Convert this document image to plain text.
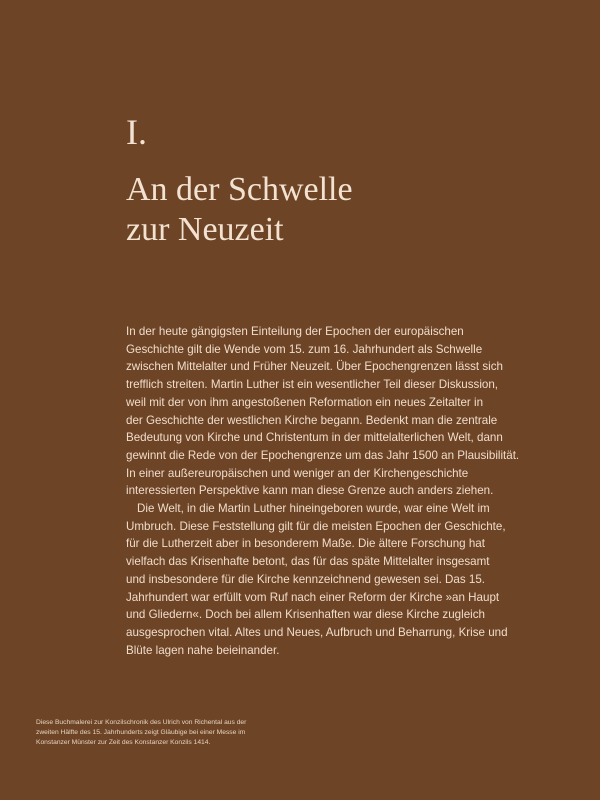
I.
An der Schwelle
zur Neuzeit
In der heute gängigsten Einteilung der Epochen der europäischen
Geschichte gilt die Wende vom 15. zum 16. Jahrhundert als Schwelle
zwischen Mittelalter und Früher Neuzeit. Über Epochengrenzen lässt sich
trefflich streiten. Martin Luther ist ein wesentlicher Teil dieser Diskussion,
weil mit der von ihm angestoßenen Reformation ein neues Zeitalter in
der Geschichte der westlichen Kirche begann. Bedenkt man die zentrale
Bedeutung von Kirche und Christentum in der mittelalterlichen Welt, dann
gewinnt die Rede von der Epochengrenze um das Jahr 1500 an Plausibilität.
In einer außereuropäischen und weniger an der Kirchengeschichte
interessierten Perspektive kann man diese Grenze auch anders ziehen.
Die Welt, in die Martin Luther hineingeboren wurde, war eine Welt im
Umbruch. Diese Feststellung gilt für die meisten Epochen der Geschichte,
für die Lutherzeit aber in besonderem Maße. Die ältere Forschung hat
vielfach das Krisenhafte betont, das für das späte Mittelalter insgesamt
und insbesondere für die Kirche kennzeichnend gewesen sei. Das 15.
Jahrhundert war erfüllt vom Ruf nach einer Reform der Kirche »an Haupt
und Gliedern«. Doch bei allem Krisenhaften war diese Kirche zugleich
ausgesprochen vital. Altes und Neues, Aufbruch und Beharrung, Krise und
Blüte lagen nahe beieinander.
Diese Buchmalerei zur Konzilschronik des Ulrich von Richental aus der
zweiten Hälfte des 15. Jahrhunderts zeigt Gläubige bei einer Messe im
Konstanzer Münster zur Zeit des Konstanzer Konzils 1414.
